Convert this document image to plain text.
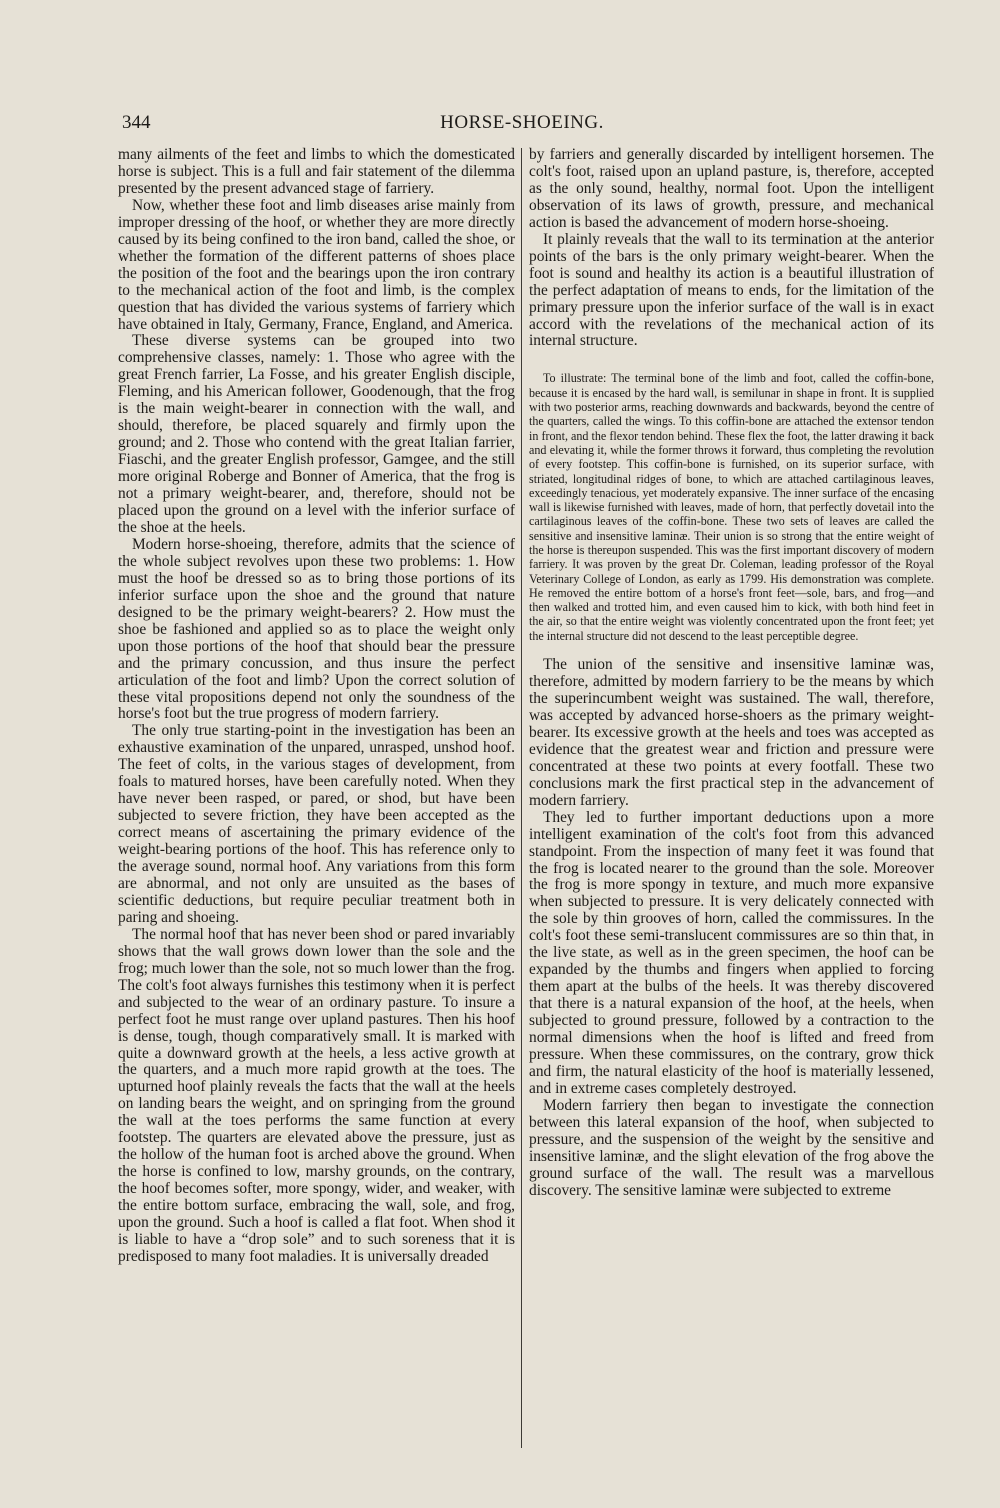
344	HORSE-SHOEING.

many ailments of the feet and limbs to which the domesticated horse is subject. This is a full and fair statement of the dilemma presented by the present advanced stage of farriery.

Now, whether these foot and limb diseases arise mainly from improper dressing of the hoof, or whether they are more directly caused by its being confined to the iron band, called the shoe, or whether the formation of the different patterns of shoes place the position of the foot and the bearings upon the iron contrary to the mechanical action of the foot and limb, is the complex question that has divided the various systems of farriery which have obtained in Italy, Germany, France, England, and America.

These diverse systems can be grouped into two comprehensive classes, namely: 1. Those who agree with the great French farrier, La Fosse, and his greater English disciple, Fleming, and his American follower, Goodenough, that the frog is the main weight-bearer in connection with the wall, and should, therefore, be placed squarely and firmly upon the ground; and 2. Those who contend with the great Italian farrier, Fiaschi, and the greater English professor, Gamgee, and the still more original Roberge and Bonner of America, that the frog is not a primary weight-bearer, and, therefore, should not be placed upon the ground on a level with the inferior surface of the shoe at the heels.

Modern horse-shoeing, therefore, admits that the science of the whole subject revolves upon these two problems: 1. How must the hoof be dressed so as to bring those portions of its inferior surface upon the shoe and the ground that nature designed to be the primary weight-bearers? 2. How must the shoe be fashioned and applied so as to place the weight only upon those portions of the hoof that should bear the pressure and the primary concussion, and thus insure the perfect articulation of the foot and limb? Upon the correct solution of these vital propositions depend not only the soundness of the horse's foot but the true progress of modern farriery.

The only true starting-point in the investigation has been an exhaustive examination of the unpared, unrasped, unshod hoof. The feet of colts, in the various stages of development, from foals to matured horses, have been carefully noted. When they have never been rasped, or pared, or shod, but have been subjected to severe friction, they have been accepted as the correct means of ascertaining the primary evidence of the weight-bearing portions of the hoof. This has reference only to the average sound, normal hoof. Any variations from this form are abnormal, and not only are unsuited as the bases of scientific deductions, but require peculiar treatment both in paring and shoeing.

The normal hoof that has never been shod or pared invariably shows that the wall grows down lower than the sole and the frog; much lower than the sole, not so much lower than the frog. The colt's foot always furnishes this testimony when it is perfect and subjected to the wear of an ordinary pasture. To insure a perfect foot he must range over upland pastures. Then his hoof is dense, tough, though comparatively small. It is marked with quite a downward growth at the heels, a less active growth at the quarters, and a much more rapid growth at the toes. The upturned hoof plainly reveals the facts that the wall at the heels on landing bears the weight, and on springing from the ground the wall at the toes performs the same function at every footstep. The quarters are elevated above the pressure, just as the hollow of the human foot is arched above the ground. When the horse is confined to low, marshy grounds, on the contrary, the hoof becomes softer, more spongy, wider, and weaker, with the entire bottom surface, embracing the wall, sole, and frog, upon the ground. Such a hoof is called a flat foot. When shod it is liable to have a “drop sole” and to such soreness that it is predisposed to many foot maladies. It is universally dreaded

by farriers and generally discarded by intelligent horsemen. The colt's foot, raised upon an upland pasture, is, therefore, accepted as the only sound, healthy, normal foot. Upon the intelligent observation of its laws of growth, pressure, and mechanical action is based the advancement of modern horse-shoeing.

It plainly reveals that the wall to its termination at the anterior points of the bars is the only primary weight-bearer. When the foot is sound and healthy its action is a beautiful illustration of the perfect adaptation of means to ends, for the limitation of the primary pressure upon the inferior surface of the wall is in exact accord with the revelations of the mechanical action of its internal structure.

To illustrate: The terminal bone of the limb and foot, called the coffin-bone, because it is encased by the hard wall, is semilunar in shape in front. It is supplied with two posterior arms, reaching downwards and backwards, beyond the centre of the quarters, called the wings. To this coffin-bone are attached the extensor tendon in front, and the flexor tendon behind. These flex the foot, the latter drawing it back and elevating it, while the former throws it forward, thus completing the revolution of every footstep. This coffin-bone is furnished, on its superior surface, with striated, longitudinal ridges of bone, to which are attached cartilaginous leaves, exceedingly tenacious, yet moderately expansive. The inner surface of the encasing wall is likewise furnished with leaves, made of horn, that perfectly dovetail into the cartilaginous leaves of the coffin-bone. These two sets of leaves are called the sensitive and insensitive laminæ. Their union is so strong that the entire weight of the horse is thereupon suspended. This was the first important discovery of modern farriery. It was proven by the great Dr. Coleman, leading professor of the Royal Veterinary College of London, as early as 1799. His demonstration was complete. He removed the entire bottom of a horse's front feet—sole, bars, and frog—and then walked and trotted him, and even caused him to kick, with both hind feet in the air, so that the entire weight was violently concentrated upon the front feet; yet the internal structure did not descend to the least perceptible degree.

The union of the sensitive and insensitive laminæ was, therefore, admitted by modern farriery to be the means by which the superincumbent weight was sustained. The wall, therefore, was accepted by advanced horse-shoers as the primary weight-bearer. Its excessive growth at the heels and toes was accepted as evidence that the greatest wear and friction and pressure were concentrated at these two points at every footfall. These two conclusions mark the first practical step in the advancement of modern farriery.

They led to further important deductions upon a more intelligent examination of the colt's foot from this advanced standpoint. From the inspection of many feet it was found that the frog is located nearer to the ground than the sole. Moreover the frog is more spongy in texture, and much more expansive when subjected to pressure. It is very delicately connected with the sole by thin grooves of horn, called the commissures. In the colt's foot these semi-translucent commissures are so thin that, in the live state, as well as in the green specimen, the hoof can be expanded by the thumbs and fingers when applied to forcing them apart at the bulbs of the heels. It was thereby discovered that there is a natural expansion of the hoof, at the heels, when subjected to ground pressure, followed by a contraction to the normal dimensions when the hoof is lifted and freed from pressure. When these commissures, on the contrary, grow thick and firm, the natural elasticity of the hoof is materially lessened, and in extreme cases completely destroyed.

Modern farriery then began to investigate the connection between this lateral expansion of the hoof, when subjected to pressure, and the suspension of the weight by the sensitive and insensitive laminæ, and the slight elevation of the frog above the ground surface of the wall. The result was a marvellous discovery. The sensitive laminæ were subjected to extreme
